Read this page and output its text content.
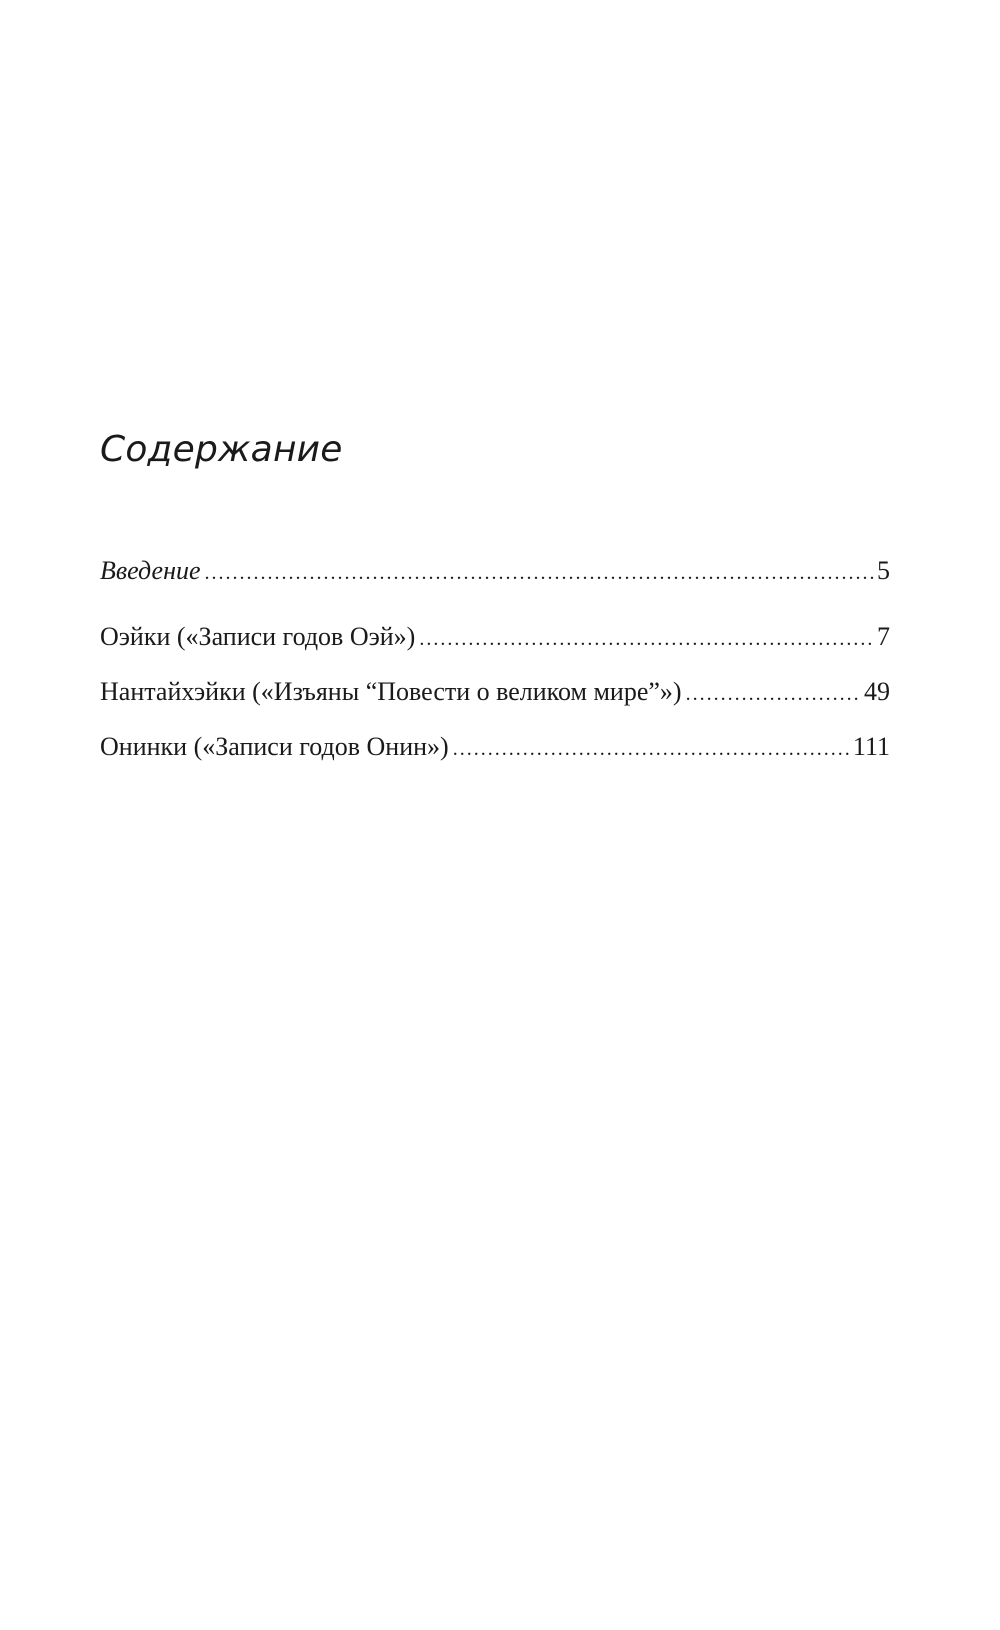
Содержание
Введение .....	5
Оэйки («Записи годов Оэй») .....	7
Нантайхэйки («Изъяны “Повести о великом мире”») .....	49
Онинки («Записи годов Онин») .....	111
